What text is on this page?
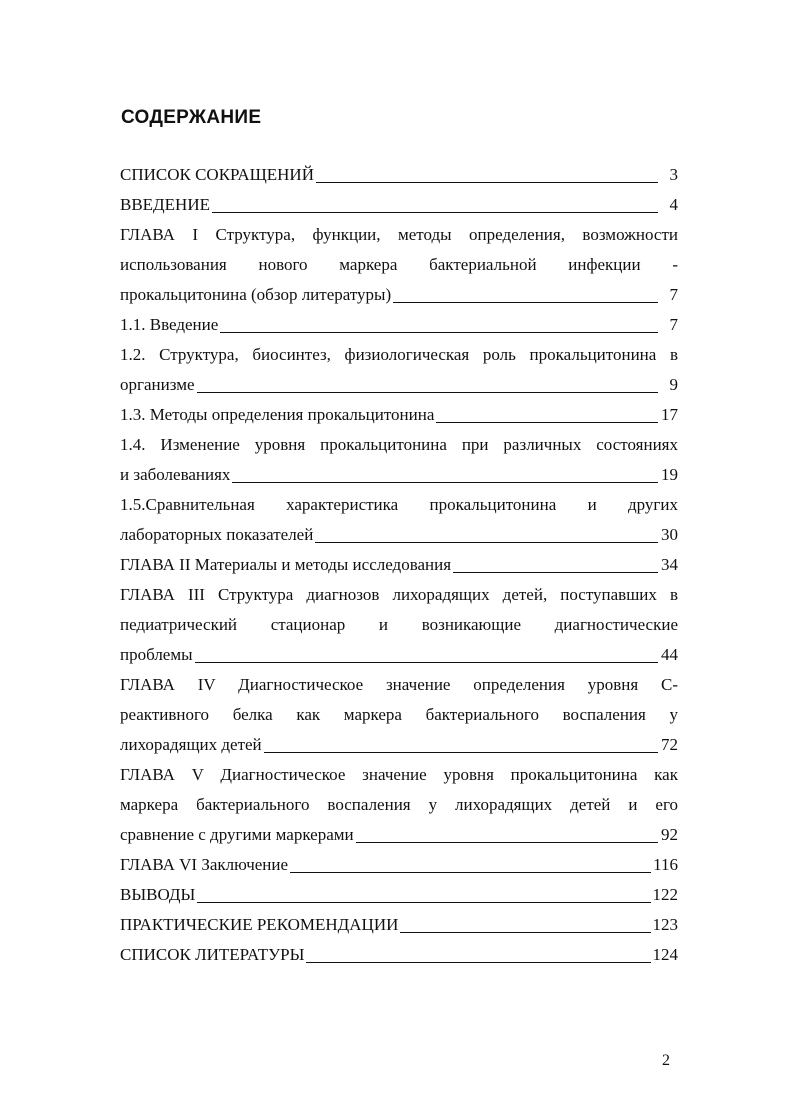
СОДЕРЖАНИЕ
СПИСОК СОКРАЩЕНИЙ	3
ВВЕДЕНИЕ	4
ГЛАВА I Структура, функции, методы определения, возможности
использования нового маркера бактериальной инфекции -
прокальцитонина (обзор литературы)	7
1.1. Введение	7
1.2. Структура, биосинтез, физиологическая роль прокальцитонина в
организме	9
1.3. Методы определения прокальцитонина	17
1.4. Изменение уровня прокальцитонина при различных состояниях
и заболеваниях	19
1.5.Сравнительная характеристика прокальцитонина и других
лабораторных показателей	30
ГЛАВА II Материалы и методы исследования	34
ГЛАВА III Структура диагнозов лихорадящих детей, поступавших в
педиатрический стационар и возникающие диагностические
проблемы	44
ГЛАВА IV Диагностическое значение определения уровня С-
реактивного белка как маркера бактериального воспаления у
лихорадящих детей	72
ГЛАВА V Диагностическое значение уровня прокальцитонина как
маркера бактериального воспаления у лихорадящих детей и его
сравнение с другими маркерами	92
ГЛАВА VI Заключение	116
ВЫВОДЫ	122
ПРАКТИЧЕСКИЕ РЕКОМЕНДАЦИИ	123
СПИСОК ЛИТЕРАТУРЫ	124
2
